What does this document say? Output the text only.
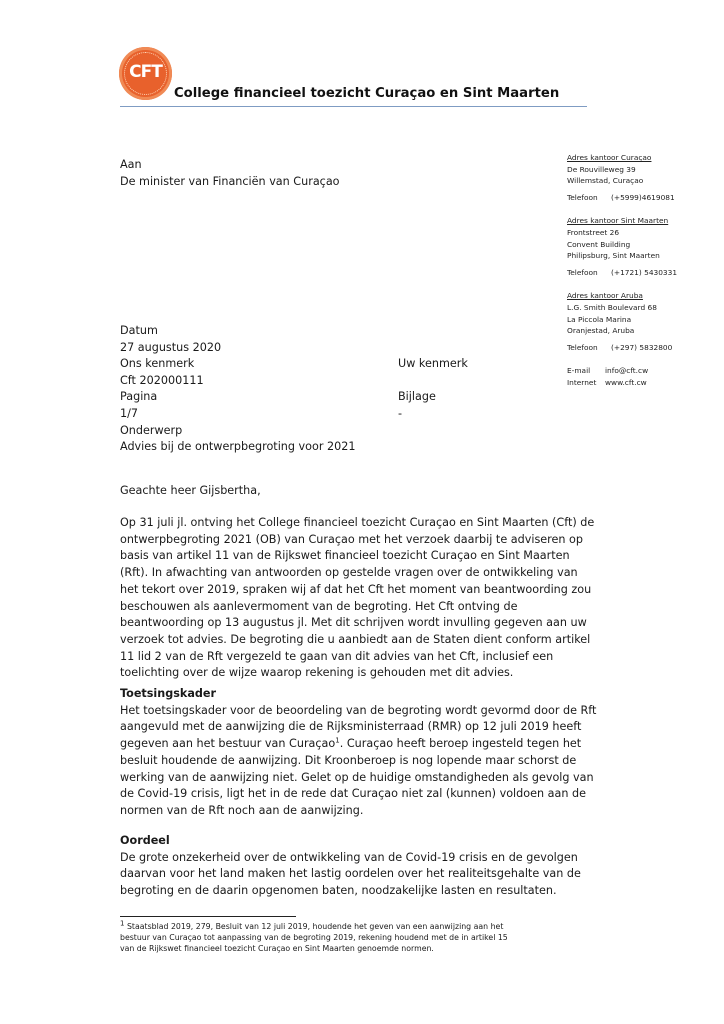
CFT
College financieel toezicht Curaçao en Sint Maarten
Aan
De minister van Financiën van Curaçao
Adres kantoor Curaçao
De Rouvilleweg 39
Willemstad, Curaçao
Telefoon (+5999)4619081
Adres kantoor Sint Maarten
Frontstreet 26
Convent Building
Philipsburg, Sint Maarten
Telefoon (+1721) 5430331
Adres kantoor Aruba
L.G. Smith Boulevard 68
La Piccola Marina
Oranjestad, Aruba
Telefoon (+297) 5832800
E-mail info@cft.cw
Internet www.cft.cw
Datum
27 augustus 2020
Ons kenmerk
Cft 202000111
Pagina
1/7
Onderwerp
Advies bij de ontwerpbegroting voor 2021
Uw kenmerk
Bijlage
-
Geachte heer Gijsbertha,
Op 31 juli jl. ontving het College financieel toezicht Curaçao en Sint Maarten (Cft) de
ontwerpbegroting 2021 (OB) van Curaçao met het verzoek daarbij te adviseren op
basis van artikel 11 van de Rijkswet financieel toezicht Curaçao en Sint Maarten
(Rft). In afwachting van antwoorden op gestelde vragen over de ontwikkeling van
het tekort over 2019, spraken wij af dat het Cft het moment van beantwoording zou
beschouwen als aanlevermoment van de begroting. Het Cft ontving de
beantwoording op 13 augustus jl. Met dit schrijven wordt invulling gegeven aan uw
verzoek tot advies. De begroting die u aanbiedt aan de Staten dient conform artikel
11 lid 2 van de Rft vergezeld te gaan van dit advies van het Cft, inclusief een
toelichting over de wijze waarop rekening is gehouden met dit advies.
Toetsingskader
Het toetsingskader voor de beoordeling van de begroting wordt gevormd door de Rft
aangevuld met de aanwijzing die de Rijksministerraad (RMR) op 12 juli 2019 heeft
gegeven aan het bestuur van Curaçao$^1$. Curaçao heeft beroep ingesteld tegen het
besluit houdende de aanwijzing. Dit Kroonberoep is nog lopende maar schorst de
werking van de aanwijzing niet. Gelet op de huidige omstandigheden als gevolg van
de Covid-19 crisis, ligt het in de rede dat Curaçao niet zal (kunnen) voldoen aan de
normen van de Rft noch aan de aanwijzing.
Oordeel
De grote onzekerheid over de ontwikkeling van de Covid-19 crisis en de gevolgen
daarvan voor het land maken het lastig oordelen over het realiteitsgehalte van de
begroting en de daarin opgenomen baten, noodzakelijke lasten en resultaten.
$^1$ Staatsblad 2019, 279, Besluit van 12 juli 2019, houdende het geven van een aanwijzing aan het
bestuur van Curaçao tot aanpassing van de begroting 2019, rekening houdend met de in artikel 15
van de Rijkswet financieel toezicht Curaçao en Sint Maarten genoemde normen.
